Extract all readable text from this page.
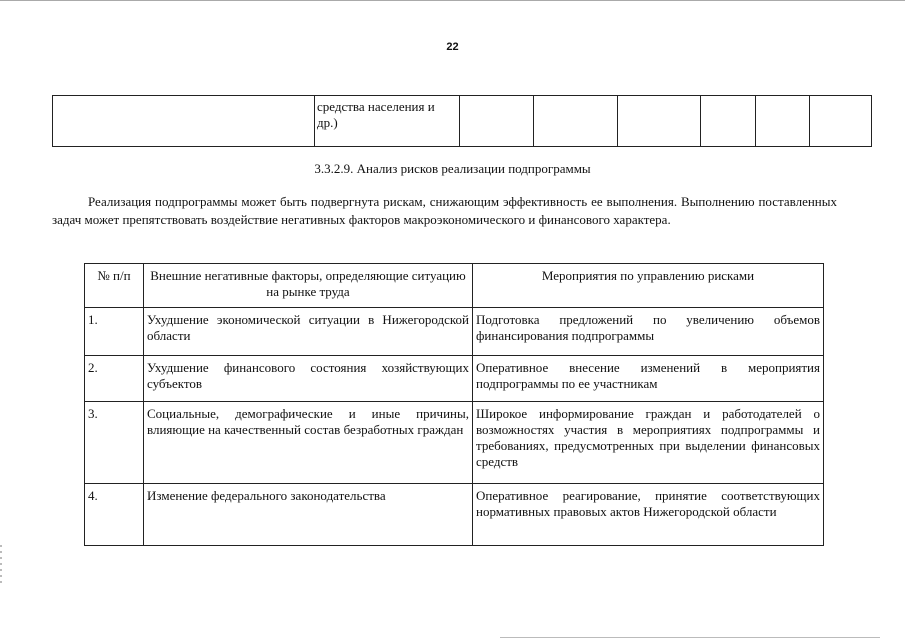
22
	средства населения и др.)						
3.3.2.9. Анализ рисков реализации подпрограммы

Реализация подпрограммы может быть подвергнута рискам, снижающим эффективность ее выполнения. Выполнению поставленных задач может препятствовать воздействие негативных факторов макроэкономического и финансового характера.

№ п/п	Внешние негативные факторы, определяющие ситуацию на рынке труда	Мероприятия по управлению рисками
1.	Ухудшение экономической ситуации в Нижегородской области	Подготовка предложений по увеличению объемов финансирования подпрограммы
2.	Ухудшение финансового состояния хозяйствующих субъектов	Оперативное внесение изменений в мероприятия подпрограммы по ее участникам
3.	Социальные, демографические и иные причины, влияющие на качественный состав безработных граждан	Широкое информирование граждан и работодателей о возможностях участия в мероприятиях подпрограммы и требованиях, предусмотренных при выделении финансовых средств
4.	Изменение федерального законодательства	Оперативное реагирование, принятие соответствующих нормативных правовых актов Нижегородской области
